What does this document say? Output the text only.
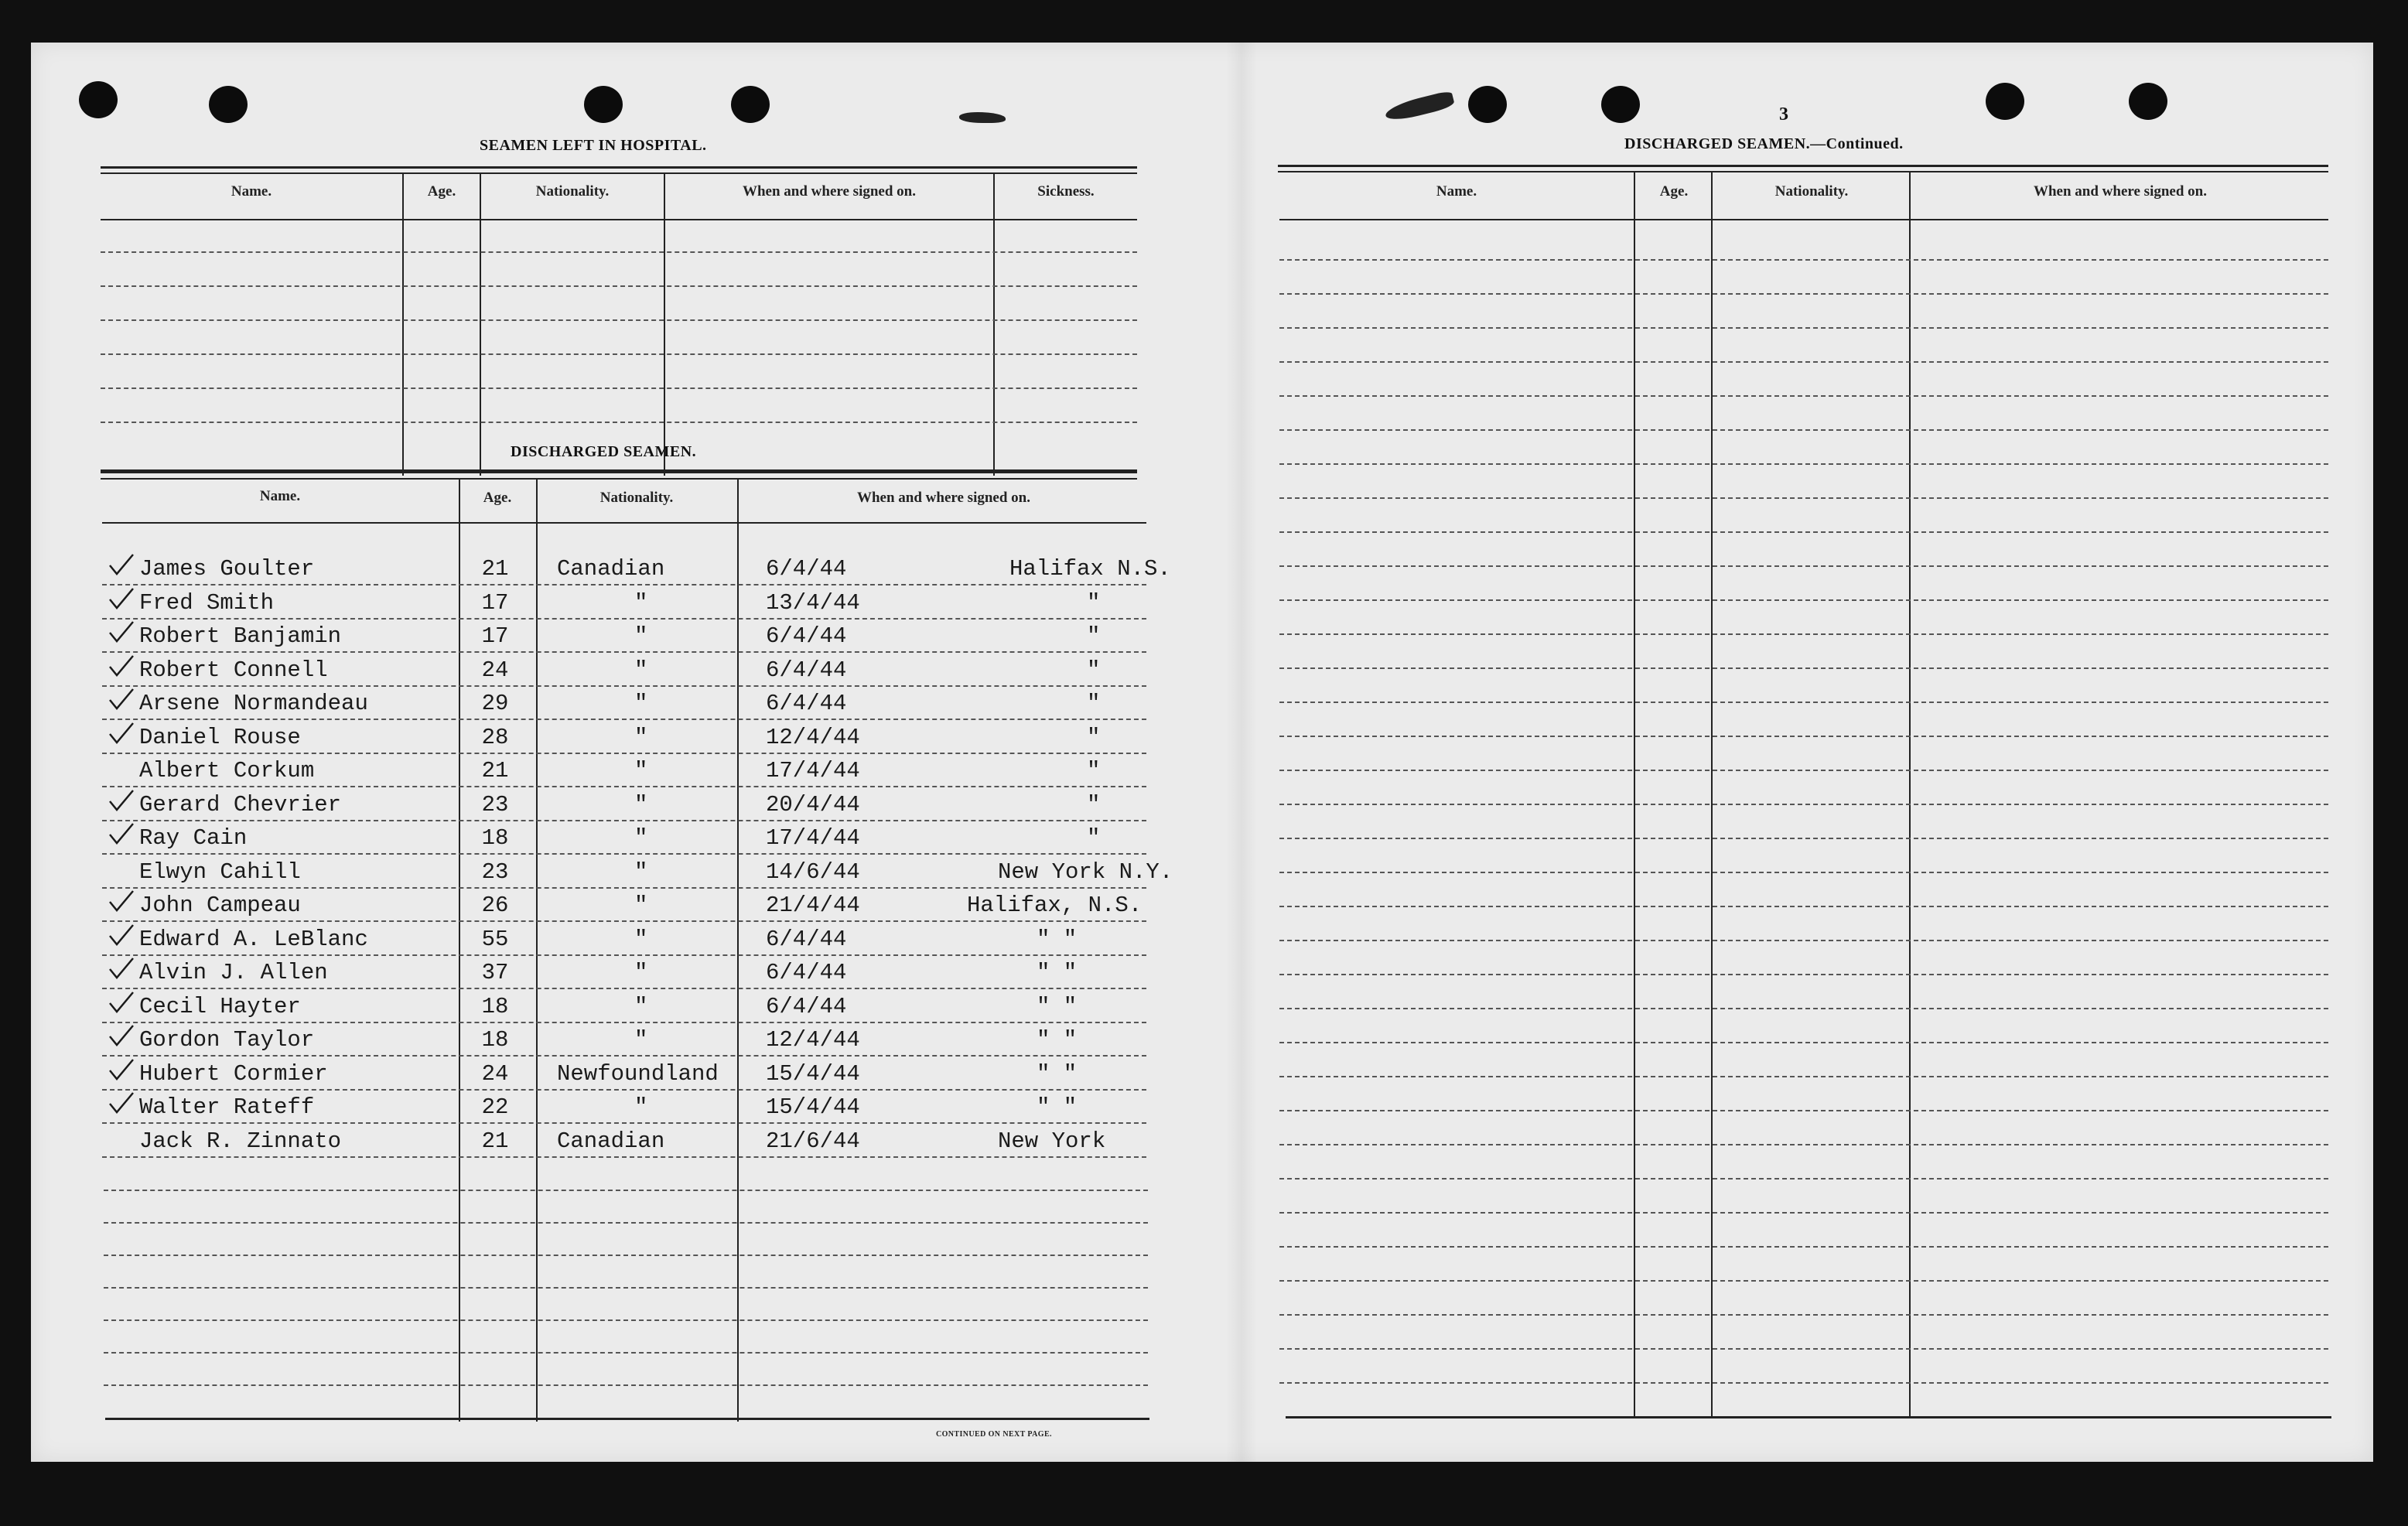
SEAMEN LEFT IN HOSPITAL.
Name.	Age.	Nationality.	When and where signed on.	Sickness.
DISCHARGED SEAMEN.
Name.	Age.	Nationality.	When and where signed on.
James Goulter	21	Canadian	6/4/44	Halifax N.S.
Fred Smith	17	"	13/4/44	"
Robert Banjamin	17	"	6/4/44	"
Robert Connell	24	"	6/4/44	"
Arsene Normandeau	29	"	6/4/44	"
Daniel Rouse	28	"	12/4/44	"
Albert Corkum	21	"	17/4/44	"
Gerard Chevrier	23	"	20/4/44	"
Ray Cain	18	"	17/4/44	"
Elwyn Cahill	23	"	14/6/44	New York N.Y.
John Campeau	26	"	21/4/44	Halifax, N.S.
Edward A. LeBlanc	55	"	6/4/44	" "
Alvin J. Allen	37	"	6/4/44	" "
Cecil Hayter	18	"	6/4/44	" "
Gordon Taylor	18	"	12/4/44	" "
Hubert Cormier	24	Newfoundland 15/4/44	" "
Walter Rateff	22	"	15/4/44	" "
Jack R. Zinnato	21	Canadian	21/6/44	New York
CONTINUED ON NEXT PAGE.
3
DISCHARGED SEAMEN.—Continued.
Name.	Age.	Nationality.	When and where signed on.
